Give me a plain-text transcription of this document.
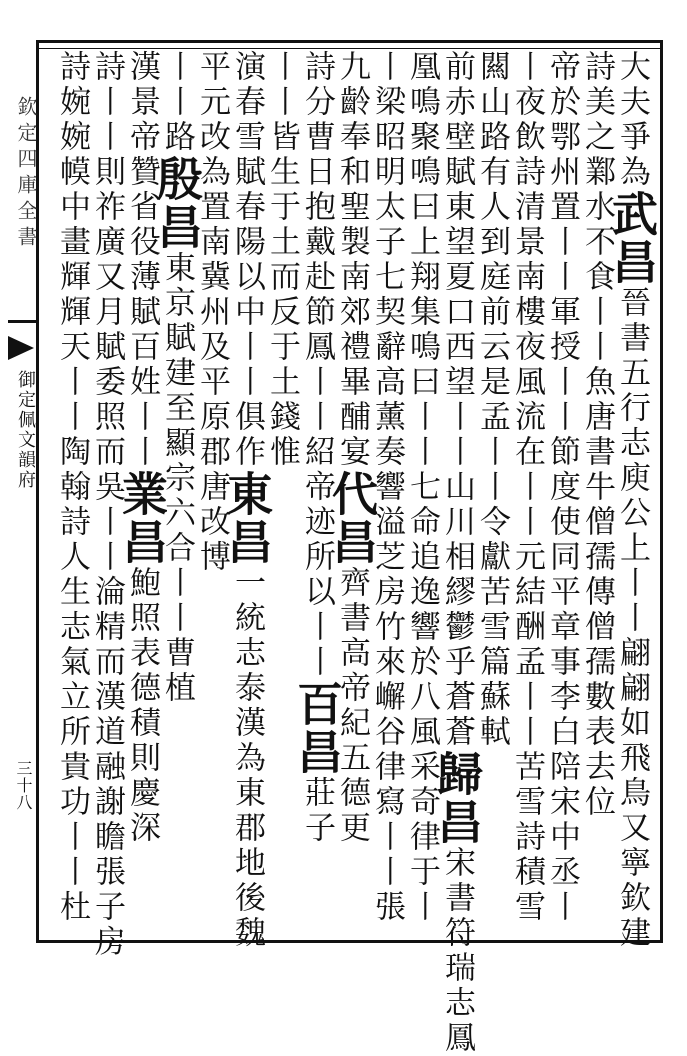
欽定四庫全書
御定佩文韻府
三十八
大夫爭為武昌晉書五行志庾公上丨丨翩翩如飛鳥又寧欽建
詩美之鄴水不食丨丨魚唐書牛僧孺傳僧孺數表去位
帝於鄂州置丨丨軍授丨丨節度使同平章事李白陪宋中丞丨
丨夜飲詩清景南樓夜風流在丨丨元結酬孟丨丨苦雪詩積雪
闗山路有人到庭前云是孟丨丨令獻苦雪篇蘇軾
前赤壁賦東望夏口西望丨丨山川相繆鬱乎蒼蒼歸昌宋書符瑞志鳳
凰鳴聚鳴曰上翔集鳴曰丨丨七命追逸響於八風采奇律于丨
丨梁昭明太子七契辭高薰奏響溢芝房竹來嶰谷律寫丨丨張
九齡奉和聖製南郊禮畢酺宴代昌齊書高帝紀五德更
詩分曹日抱戴赴節鳳丨丨紹帝迹所以丨丨百昌莊子
丨丨皆生于土而反于土錢惟
演春雪賦春陽以中丨丨俱作東昌一統志泰漢為東郡地後魏
平元改為置南冀州及平原郡唐改博
丨丨路殷昌東京賦建至顯宗六合丨丨曹植
漢景帝贊省役薄賦百姓丨丨業昌鮑照表德積則慶深
詩丨丨則祚廣又月賦委照而吳丨丨淪精而漢道融謝瞻張子房
詩婉婉幙中畫輝輝天丨丨陶翰詩人生志氣立所貴功丨丨杜
